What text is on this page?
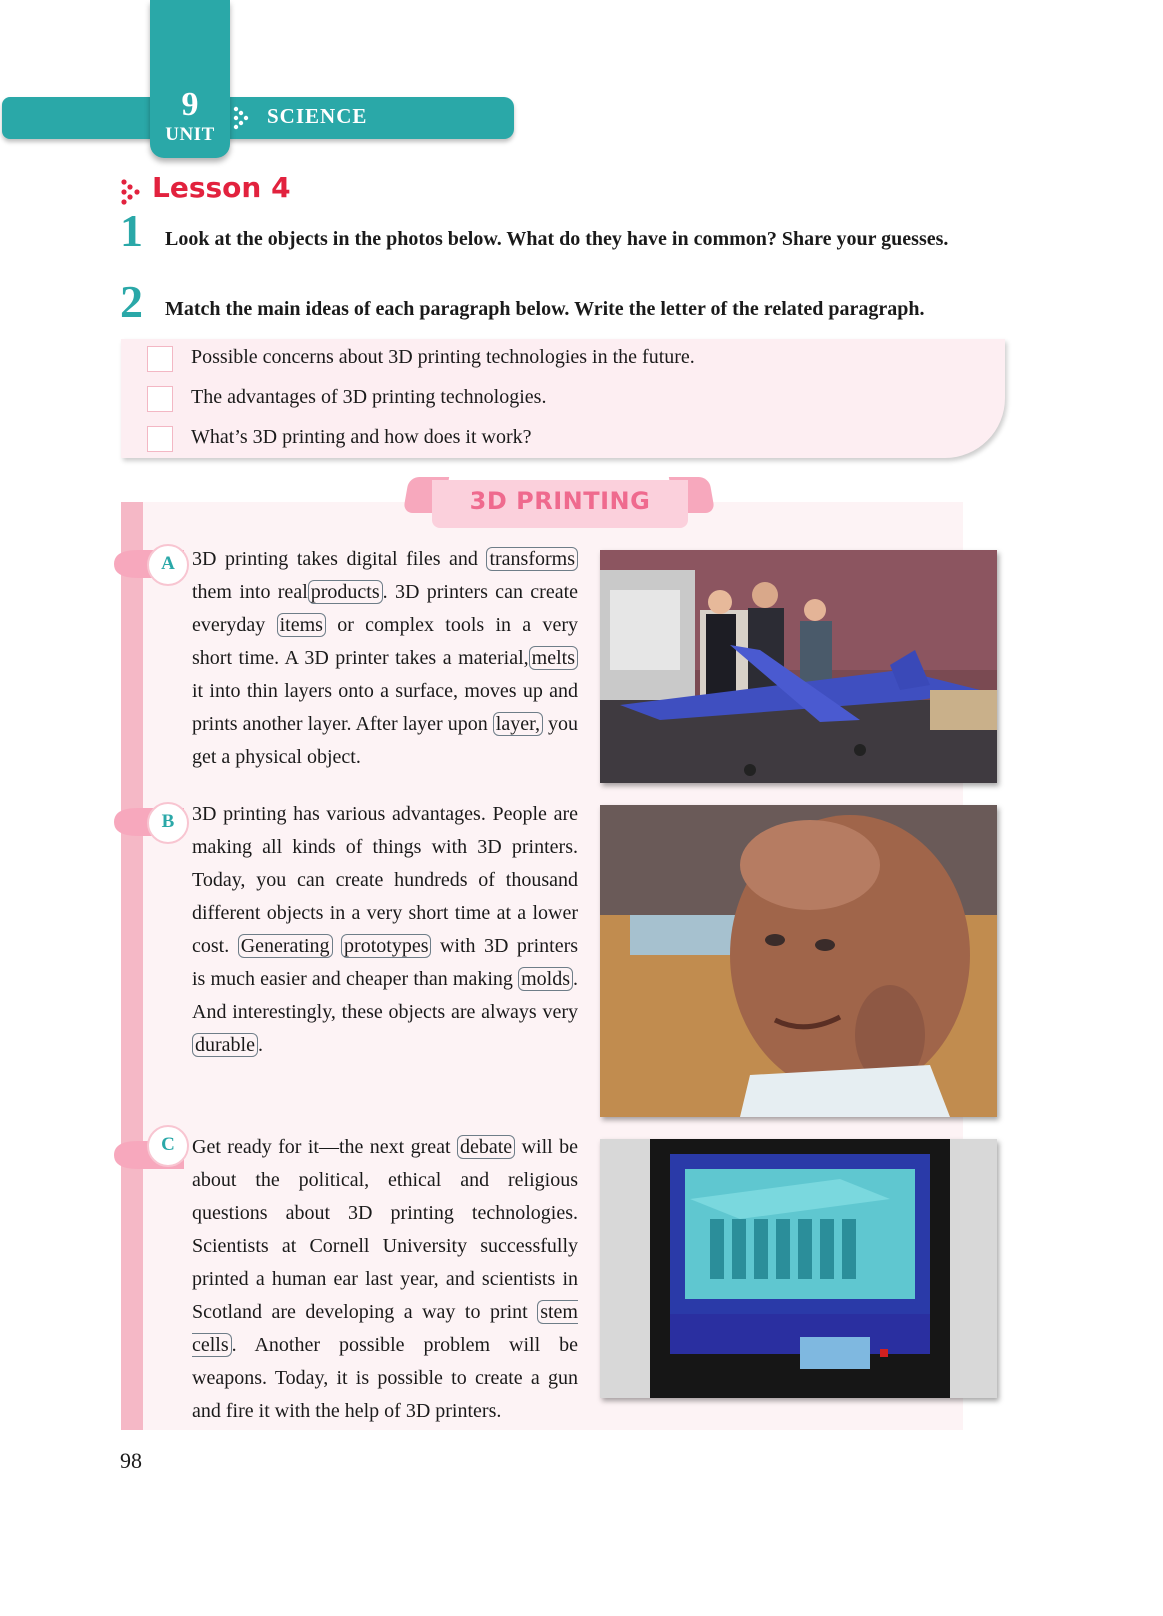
9
UNIT
SCIENCE
Lesson 4
1 Look at the objects in the photos below. What do they have in common? Share your guesses.
2 Match the main ideas of each paragraph below. Write the letter of the related paragraph.
Possible concerns about 3D printing technologies in the future.
The advantages of 3D printing technologies.
What’s 3D printing and how does it work?
3D PRINTING
A 3D printing takes digital files and transforms them into real products . 3D printers can create everyday items or complex tools in a very short time. A 3D printer takes a material, melts it into thin layers onto a surface, moves up and prints another layer. After layer upon layer, you get a physical object.
B 3D printing has various advantages. People are making all kinds of things with 3D printers. Today, you can create hundreds of thousand different objects in a very short time at a lower cost. Generating prototypes with 3D printers is much easier and cheaper than making molds . And interestingly, these objects are always very durable .
C Get ready for it—the next great debate will be about the political, ethical and religious questions about 3D printing technologies. Scientists at Cornell University successfully printed a human ear last year, and scientists in Scotland are developing a way to print stem cells . Another possible problem will be weapons. Today, it is possible to create a gun and fire it with the help of 3D printers.
98
